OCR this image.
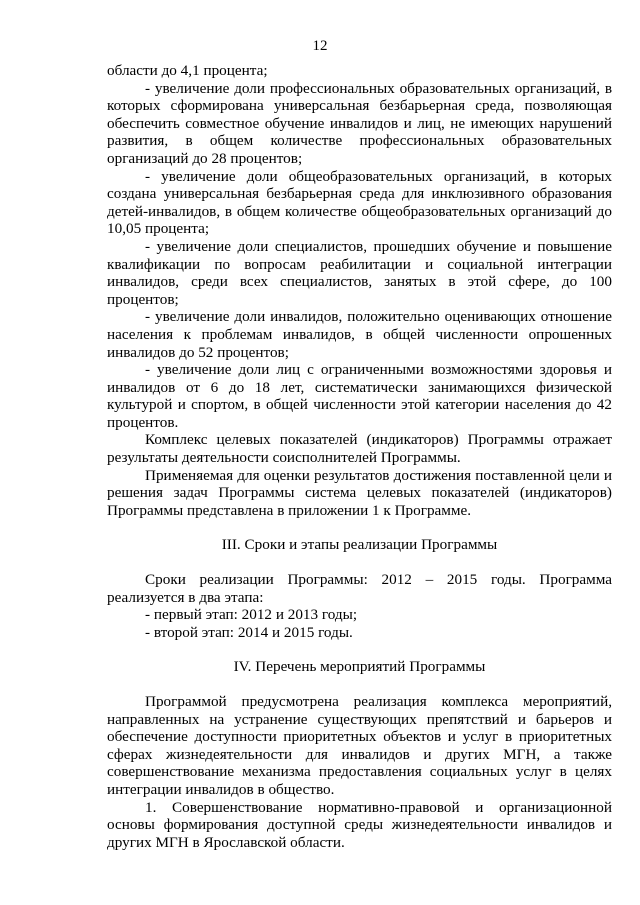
12

области до 4,1 процента;

- увеличение доли профессиональных образовательных организаций, в которых сформирована универсальная безбарьерная среда, позволяющая обеспечить совместное обучение инвалидов и лиц, не имеющих нарушений развития, в общем количестве профессиональных образовательных организаций до 28 процентов;

- увеличение доли общеобразовательных организаций, в которых создана универсальная безбарьерная среда для инклюзивного образования детей-инвалидов, в общем количестве общеобразовательных организаций до 10,05 процента;

- увеличение доли специалистов, прошедших обучение и повышение квалификации по вопросам реабилитации и социальной интеграции инвалидов, среди всех специалистов, занятых в этой сфере, до 100 процентов;

- увеличение доли инвалидов, положительно оценивающих отношение населения к проблемам инвалидов, в общей численности опрошенных инвалидов до 52 процентов;

- увеличение доли лиц с ограниченными возможностями здоровья и инвалидов от 6 до 18 лет, систематически занимающихся физической культурой и спортом, в общей численности этой категории населения до 42 процентов.

Комплекс целевых показателей (индикаторов) Программы отражает результаты деятельности соисполнителей Программы.

Применяемая для оценки результатов достижения поставленной цели и решения задач Программы система целевых показателей (индикаторов) Программы представлена в приложении 1 к Программе.

III. Сроки и этапы реализации Программы

Сроки реализации Программы: 2012 – 2015 годы. Программа реализуется в два этапа:

- первый этап: 2012 и 2013 годы;

- второй этап: 2014 и 2015 годы.

IV. Перечень мероприятий Программы

Программой предусмотрена реализация комплекса мероприятий, направленных на устранение существующих препятствий и барьеров и обеспечение доступности приоритетных объектов и услуг в приоритетных сферах жизнедеятельности для инвалидов и других МГН, а также совершенствование механизма предоставления социальных услуг в целях интеграции инвалидов в общество.

1. Совершенствование нормативно-правовой и организационной основы формирования доступной среды жизнедеятельности инвалидов и других МГН в Ярославской области.
